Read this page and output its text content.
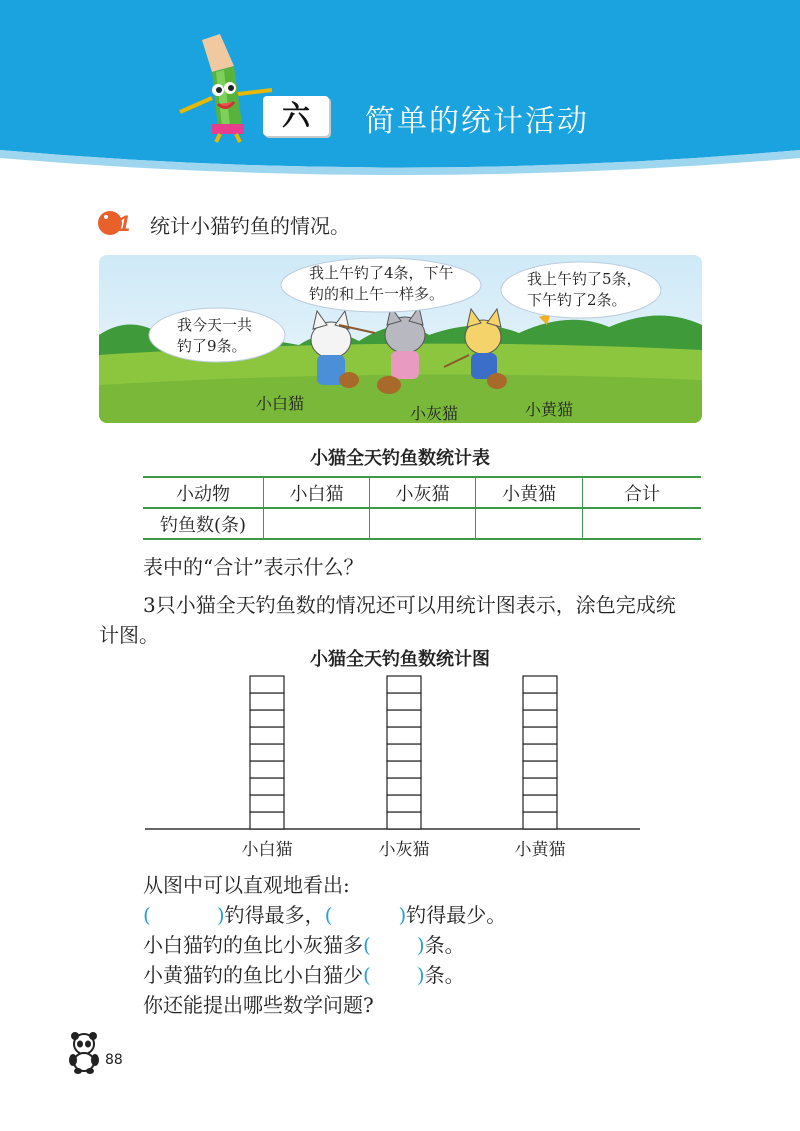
六	简单的统计活动
1 统计小猫钓鱼的情况。
我今天一共
钓了9条。
我上午钓了4条，下午
钓的和上午一样多。
我上午钓了5条，
下午钓了2条。
小白猫
小灰猫	小黄猫
小猫全天钓鱼数统计表
小动物	小白猫	小灰猫	小黄猫	合计
钓鱼数(条)				
表中的“合计”表示什么？
3只小猫全天钓鱼数的情况还可以用统计图表示，涂色完成统
计图。
小猫全天钓鱼数统计图
小白猫	小灰猫	小黄猫
从图中可以直观地看出:
(	)钓得最多，(	)钓得最少。
小白猫钓的鱼比小灰猫多( )条。
小黄猫钓的鱼比小白猫少( )条。
你还能提出哪些数学问题?
88
